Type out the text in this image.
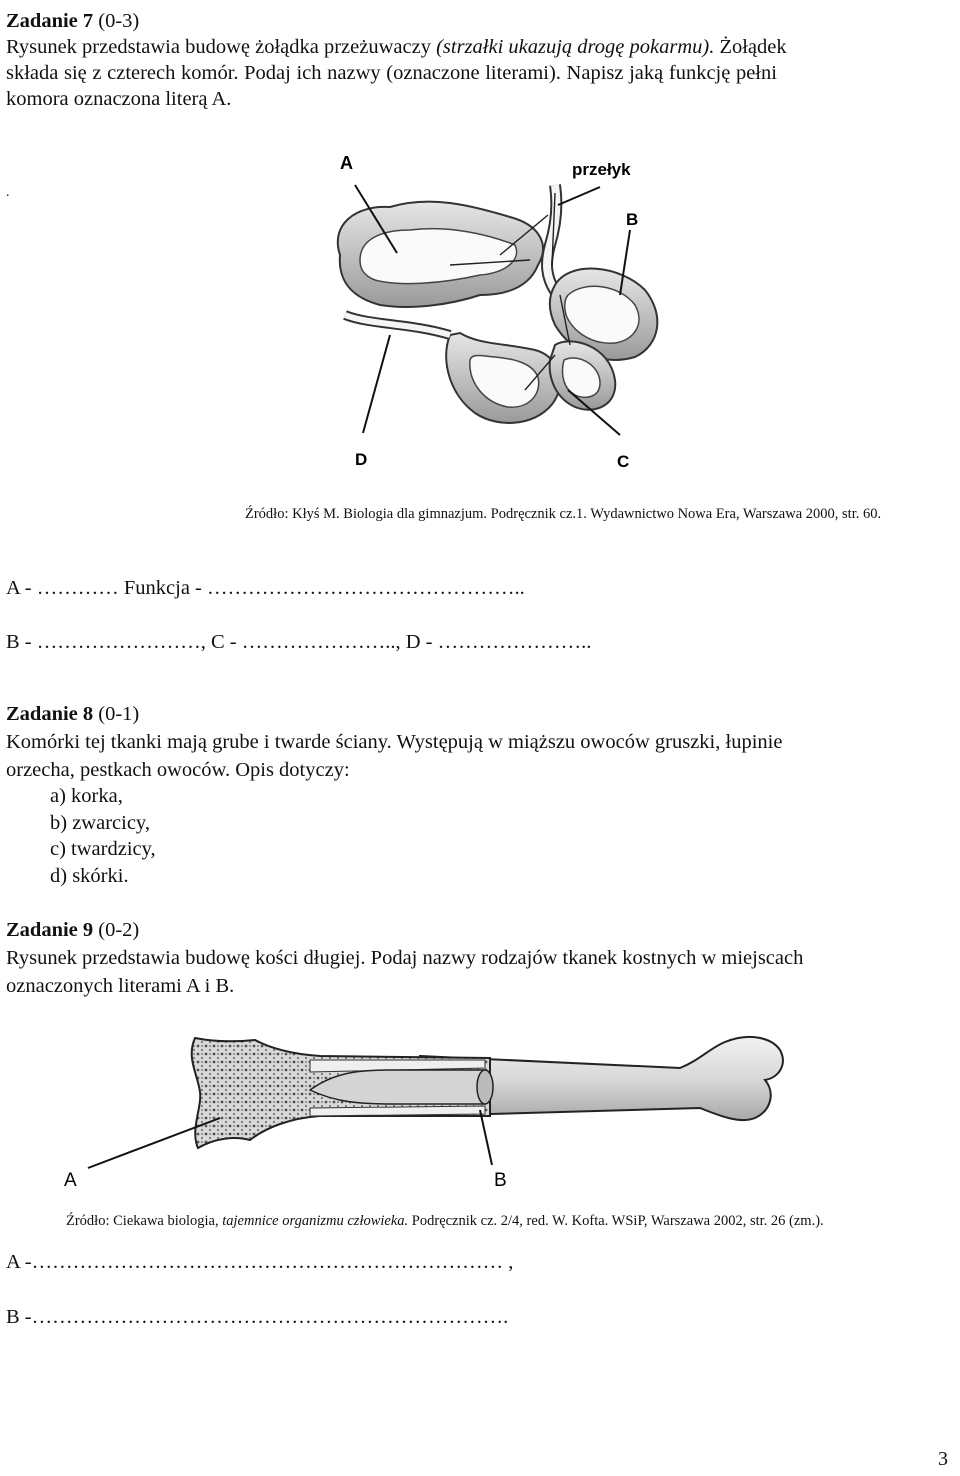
Zadanie 7 (0-3)
Rysunek przedstawia budowę żołądka przeżuwaczy (strzałki ukazują drogę pokarmu). Żołądek
składa się z czterech komór. Podaj ich nazwy (oznaczone literami). Napisz jaką funkcję pełni
komora oznaczona literą A.
.
A	przełyk
B
D	C
Źródło: Kłyś M. Biologia dla gimnazjum. Podręcznik cz.1. Wydawnictwo Nowa Era, Warszawa 2000, str. 60.
A - ………… Funkcja - ………………………………………..
B - ……………………, C - ………………….., D - …………………..
Zadanie 8 (0-1)
Komórki tej tkanki mają grube i twarde ściany. Występują w miąższu owoców gruszki, łupinie
orzecha, pestkach owoców. Opis dotyczy:
a) korka,
b) zwarcicy,
c) twardzicy,
d) skórki.
Zadanie 9 (0-2)
Rysunek przedstawia budowę kości długiej. Podaj nazwy rodzajów tkanek kostnych w miejscach
oznaczonych literami A i B.
A	B
Źródło: Ciekawa biologia, tajemnice organizmu człowieka. Podręcznik cz. 2/4, red. W. Kofta. WSiP, Warszawa 2002, str. 26 (zm.).
A -…………………………………………………………… ,
B -…………………………………………………………….
3
